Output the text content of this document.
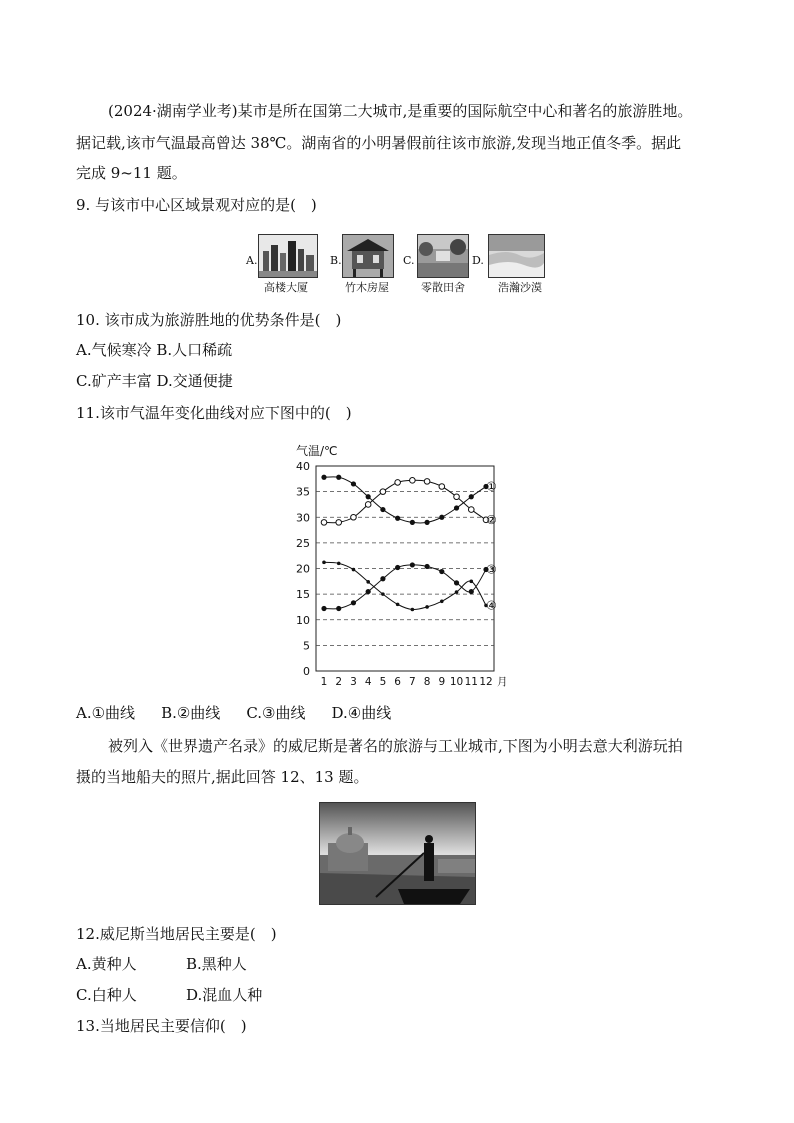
(2024·湖南学业考)某市是所在国第二大城市,是重要的国际航空中心和著名的旅游胜地。
据记载,该市气温最高曾达 38℃。湖南省的小明暑假前往该市旅游,发现当地正值冬季。据此
完成 9~11 题。
9. 与该市中心区域景观对应的是(　)
A.
高楼大厦
B.
竹木房屋
C.
零散田舍
D.
浩瀚沙漠
10. 该市成为旅游胜地的优势条件是(　)
A.气候寒冷 B.人口稀疏
C.矿产丰富 D.交通便捷
11.该市气温年变化曲线对应下图中的(　)
0
5
10
15
20
25
30
35
40
气温/℃
1 2 3 4 5 6 7 8 9 10 11 12 月
①
②
③
④
A.①曲线 B.②曲线 C.③曲线 D.④曲线
被列入《世界遗产名录》的威尼斯是著名的旅游与工业城市,下图为小明去意大利游玩拍
摄的当地船夫的照片,据此回答 12、13 题。
12.威尼斯当地居民主要是(　)
A.黄种人	B.黑种人
C.白种人	D.混血人种
13.当地居民主要信仰(　)
